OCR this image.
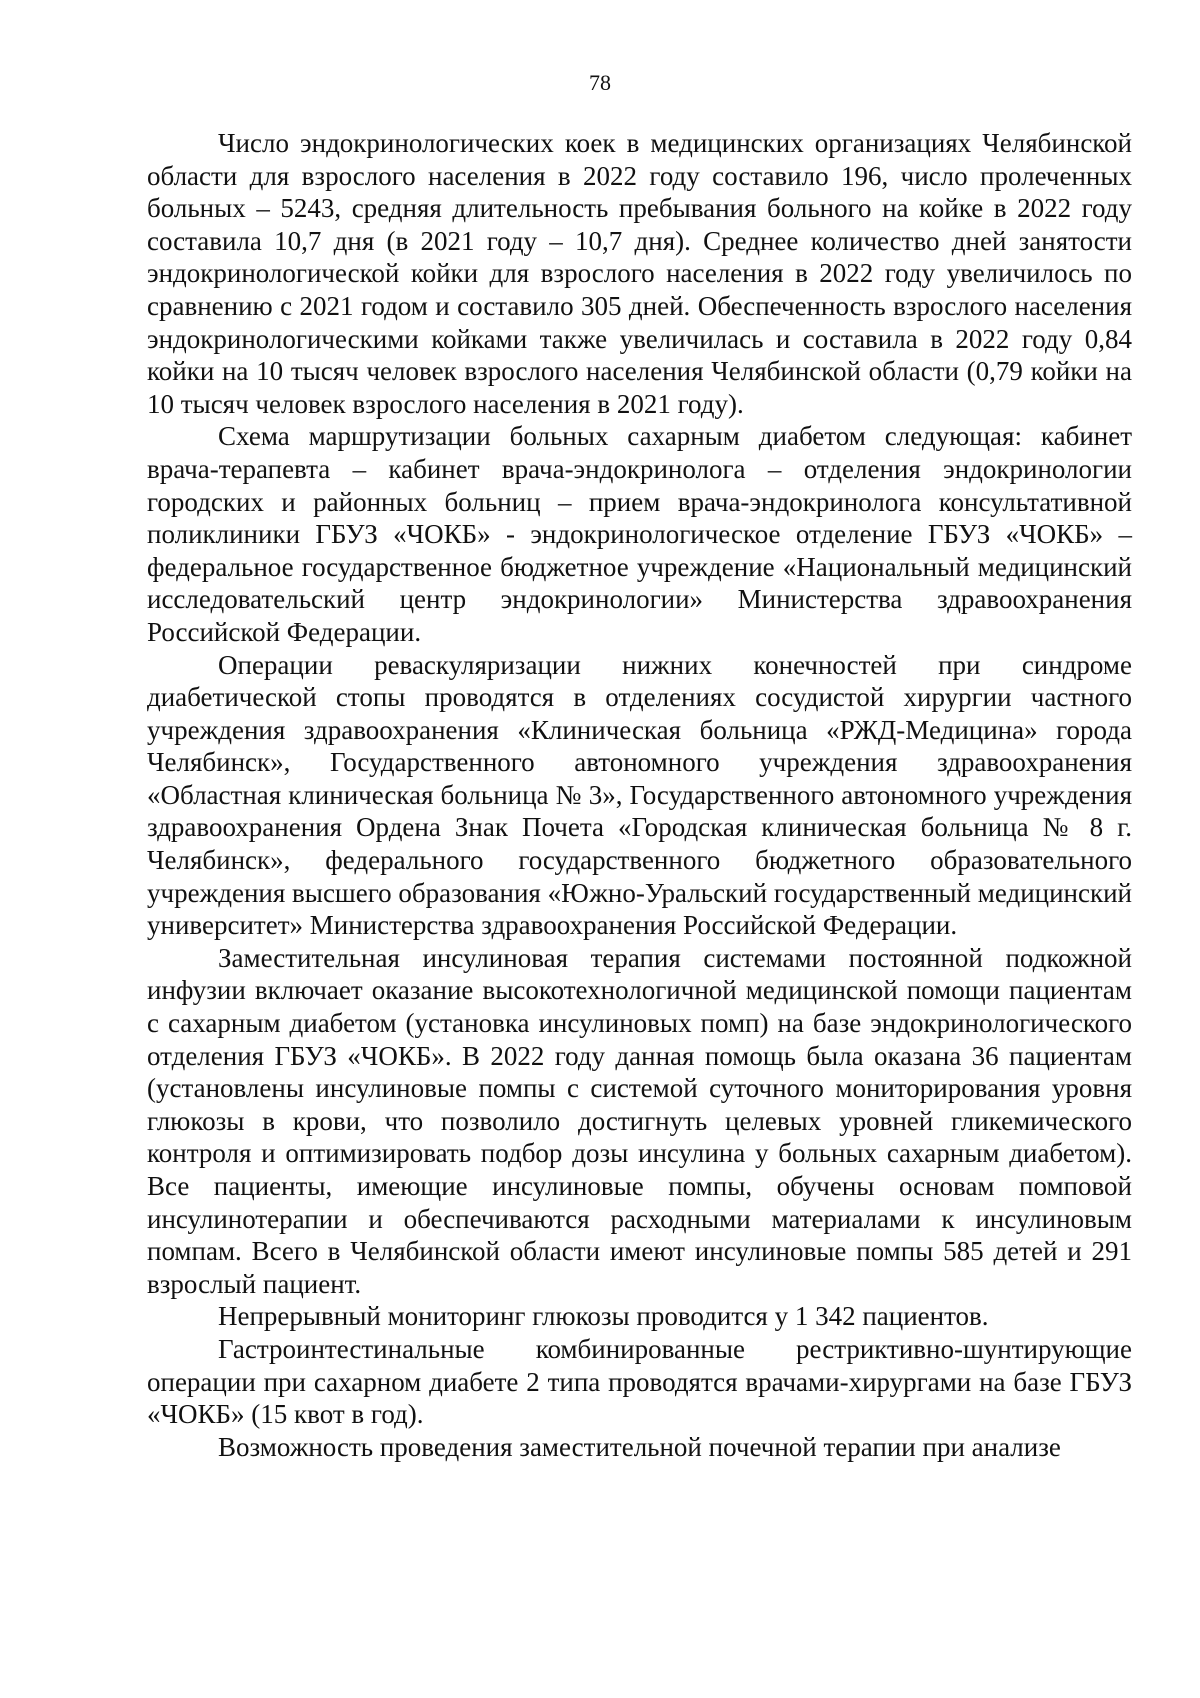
78

Число эндокринологических коек в медицинских организациях Челябинской области для взрослого населения в 2022 году составило 196, число пролеченных больных – 5243, средняя длительность пребывания больного на койке в 2022 году составила 10,7 дня (в 2021 году – 10,7 дня). Среднее количество дней занятости эндокринологической койки для взрослого населения в 2022 году увеличилось по сравнению с 2021 годом и составило 305 дней. Обеспеченность взрослого населения эндокринологическими койками также увеличилась и составила в 2022 году 0,84 койки на 10 тысяч человек взрослого населения Челябинской области (0,79 койки на 10 тысяч человек взрослого населения в 2021 году).

Схема маршрутизации больных сахарным диабетом следующая: кабинет врача-терапевта – кабинет врача-эндокринолога – отделения эндокринологии городских и районных больниц – прием врача-эндокринолога консультативной поликлиники ГБУЗ «ЧОКБ» - эндокринологическое отделение ГБУЗ «ЧОКБ» – федеральное государственное бюджетное учреждение «Национальный медицинский исследовательский центр эндокринологии» Министерства здравоохранения Российской Федерации.

Операции реваскуляризации нижних конечностей при синдроме диабетической стопы проводятся в отделениях сосудистой хирургии частного учреждения здравоохранения «Клиническая больница «РЖД-Медицина» города Челябинск», Государственного автономного учреждения здравоохранения «Областная клиническая больница № 3», Государственного автономного учреждения здравоохранения Ордена Знак Почета «Городская клиническая больница № 8 г. Челябинск», федерального государственного бюджетного образовательного учреждения высшего образования «Южно-Уральский государственный медицинский университет» Министерства здравоохранения Российской Федерации.

Заместительная инсулиновая терапия системами постоянной подкожной инфузии включает оказание высокотехнологичной медицинской помощи пациентам с сахарным диабетом (установка инсулиновых помп) на базе эндокринологического отделения ГБУЗ «ЧОКБ». В 2022 году данная помощь была оказана 36 пациентам (установлены инсулиновые помпы с системой суточного мониторирования уровня глюкозы в крови, что позволило достигнуть целевых уровней гликемического контроля и оптимизировать подбор дозы инсулина у больных сахарным диабетом). Все пациенты, имеющие инсулиновые помпы, обучены основам помповой инсулинотерапии и обеспечиваются расходными материалами к инсулиновым помпам. Всего в Челябинской области имеют инсулиновые помпы 585 детей и 291 взрослый пациент.

Непрерывный мониторинг глюкозы проводится у 1 342 пациентов.

Гастроинтестинальные комбинированные рестриктивно-шунтирующие операции при сахарном диабете 2 типа проводятся врачами-хирургами на базе ГБУЗ «ЧОКБ» (15 квот в год).

Возможность проведения заместительной почечной терапии при анализе
